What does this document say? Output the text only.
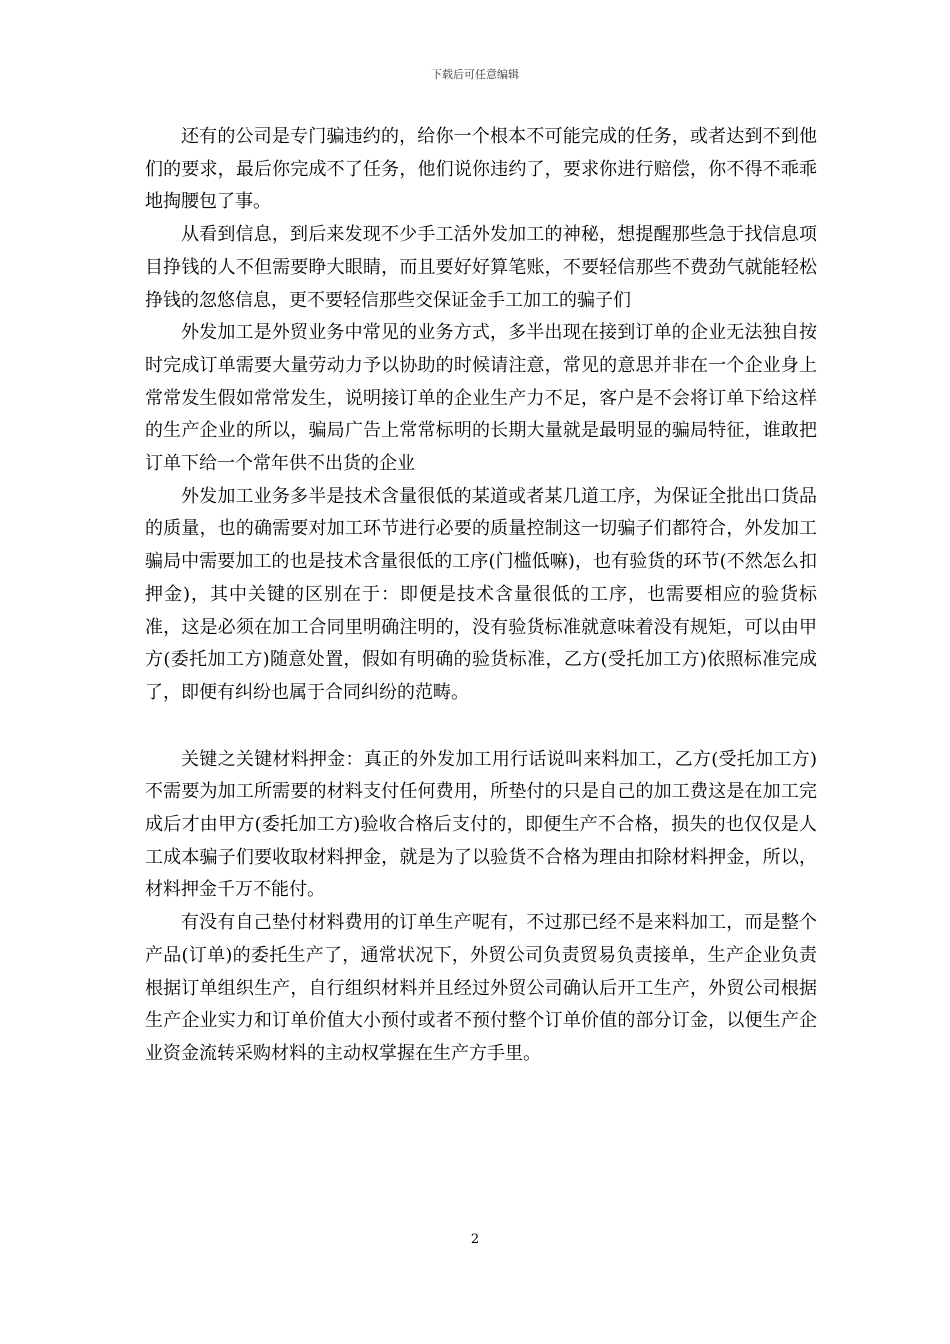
下载后可任意编辑

还有的公司是专门骗违约的，给你一个根本不可能完成的任务，或者达到不到他们的要求，最后你完成不了任务，他们说你违约了，要求你进行赔偿，你不得不乖乖地掏腰包了事。

从看到信息，到后来发现不少手工活外发加工的神秘，想提醒那些急于找信息项目挣钱的人不但需要睁大眼睛，而且要好好算笔账，不要轻信那些不费劲气就能轻松挣钱的忽悠信息，更不要轻信那些交保证金手工加工的骗子们

外发加工是外贸业务中常见的业务方式，多半出现在接到订单的企业无法独自按时完成订单需要大量劳动力予以协助的时候请注意，常见的意思并非在一个企业身上常常发生假如常常发生，说明接订单的企业生产力不足，客户是不会将订单下给这样的生产企业的所以，骗局广告上常常标明的长期大量就是最明显的骗局特征，谁敢把订单下给一个常年供不出货的企业

外发加工业务多半是技术含量很低的某道或者某几道工序，为保证全批出口货品的质量，也的确需要对加工环节进行必要的质量控制这一切骗子们都符合，外发加工骗局中需要加工的也是技术含量很低的工序(门槛低嘛)，也有验货的环节(不然怎么扣押金)，其中关键的区别在于：即便是技术含量很低的工序，也需要相应的验货标准，这是必须在加工合同里明确注明的，没有验货标准就意味着没有规矩，可以由甲方(委托加工方)随意处置，假如有明确的验货标准，乙方(受托加工方)依照标准完成了，即便有纠纷也属于合同纠纷的范畴。

关键之关键材料押金：真正的外发加工用行话说叫来料加工，乙方(受托加工方)不需要为加工所需要的材料支付任何费用，所垫付的只是自己的加工费这是在加工完成后才由甲方(委托加工方)验收合格后支付的，即便生产不合格，损失的也仅仅是人工成本骗子们要收取材料押金，就是为了以验货不合格为理由扣除材料押金，所以，材料押金千万不能付。

有没有自己垫付材料费用的订单生产呢有，不过那已经不是来料加工，而是整个产品(订单)的委托生产了，通常状况下，外贸公司负责贸易负责接单，生产企业负责根据订单组织生产，自行组织材料并且经过外贸公司确认后开工生产，外贸公司根据生产企业实力和订单价值大小预付或者不预付整个订单价值的部分订金，以便生产企业资金流转采购材料的主动权掌握在生产方手里。

2
